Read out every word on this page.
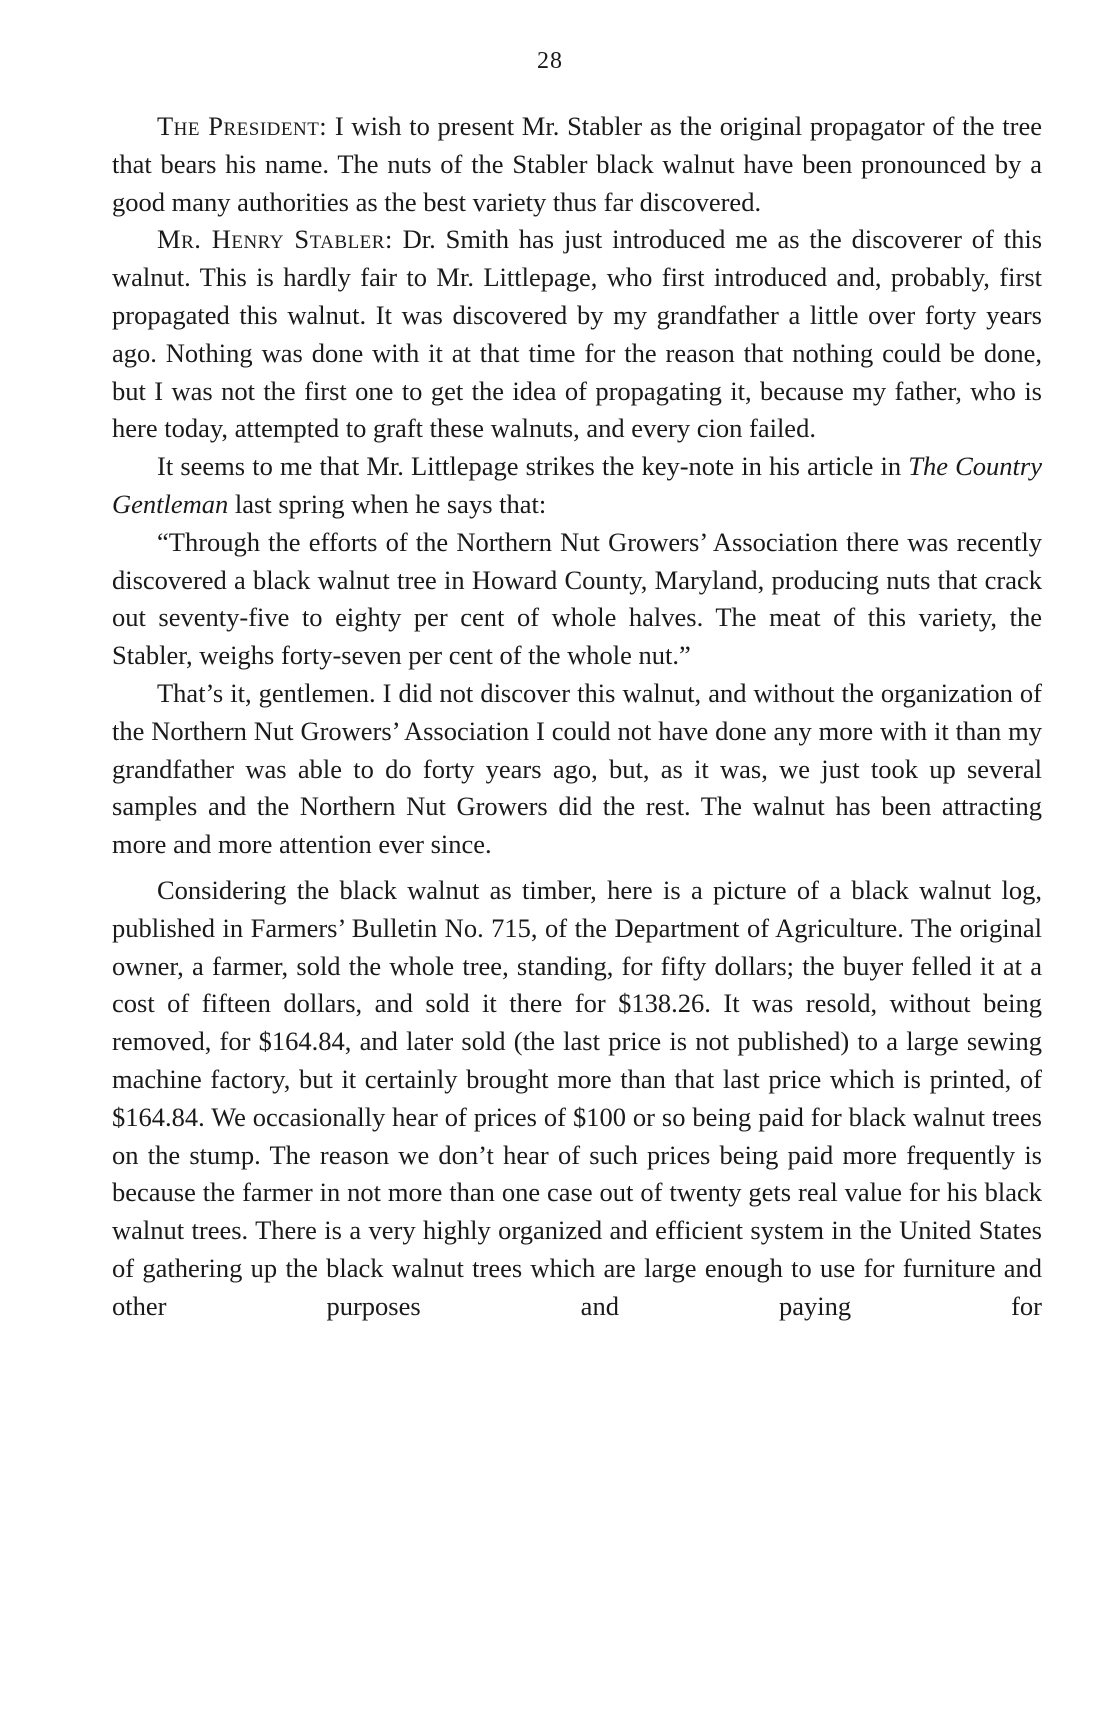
28

The President: I wish to present Mr. Stabler as the original propagator of the tree that bears his name. The nuts of the Stabler black walnut have been pronounced by a good many authorities as the best variety thus far discovered.

Mr. Henry Stabler: Dr. Smith has just introduced me as the discoverer of this walnut. This is hardly fair to Mr. Littlepage, who first introduced and, probably, first propagated this walnut. It was discovered by my grandfather a little over forty years ago. Nothing was done with it at that time for the reason that nothing could be done, but I was not the first one to get the idea of propagating it, because my father, who is here today, attempted to graft these walnuts, and every cion failed.

It seems to me that Mr. Littlepage strikes the key-note in his article in The Country Gentleman last spring when he says that:

“Through the efforts of the Northern Nut Growers’ Association there was recently discovered a black walnut tree in Howard County, Maryland, producing nuts that crack out seventy-five to eighty per cent of whole halves. The meat of this variety, the Stabler, weighs forty-seven per cent of the whole nut.”

That’s it, gentlemen. I did not discover this walnut, and without the organization of the Northern Nut Growers’ Association I could not have done any more with it than my grandfather was able to do forty years ago, but, as it was, we just took up several samples and the Northern Nut Growers did the rest. The walnut has been attracting more and more attention ever since.

Considering the black walnut as timber, here is a picture of a black walnut log, published in Farmers’ Bulletin No. 715, of the Department of Agriculture. The original owner, a farmer, sold the whole tree, standing, for fifty dollars; the buyer felled it at a cost of fifteen dollars, and sold it there for $138.26. It was resold, without being removed, for $164.84, and later sold (the last price is not published) to a large sewing machine factory, but it certainly brought more than that last price which is printed, of $164.84. We occasionally hear of prices of $100 or so being paid for black walnut trees on the stump. The reason we don’t hear of such prices being paid more frequently is because the farmer in not more than one case out of twenty gets real value for his black walnut trees. There is a very highly organized and efficient system in the United States of gathering up the black walnut trees which are large enough to use for furniture and other purposes and paying for
